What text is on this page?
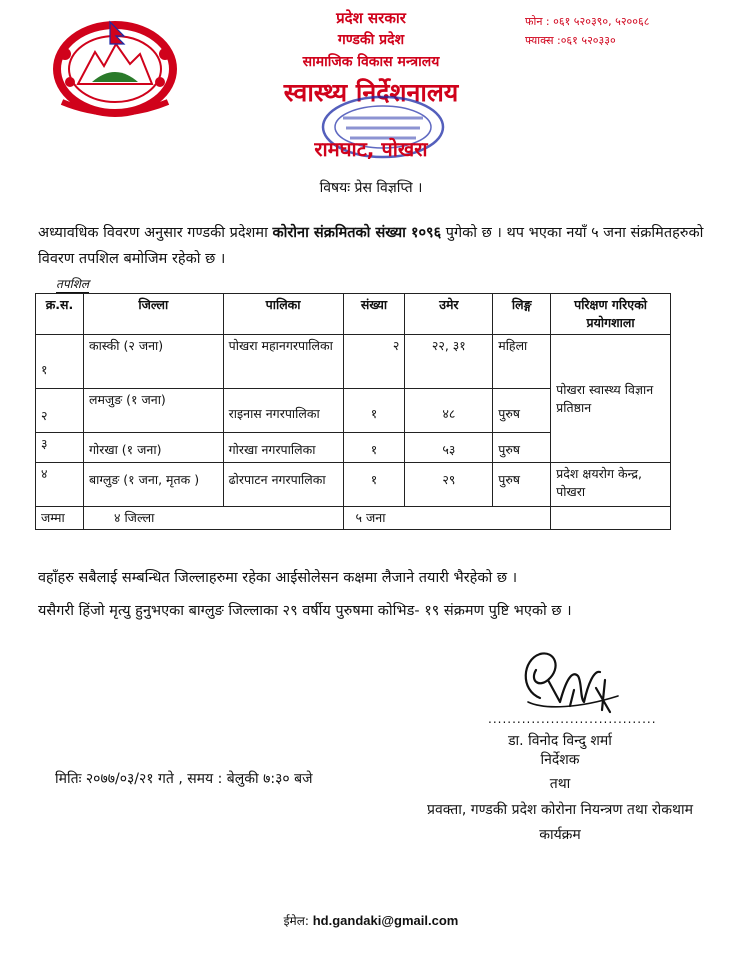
प्रदेश सरकार
गण्डकी प्रदेश
सामाजिक विकास मन्त्रालय
स्वास्थ्य निर्देशनालय
रामघाट, पोखरा
फोन : ०६१ ५२०३९०, ५२००६८
फ्याक्स :०६१ ५२०३३०
विषयः प्रेस विज्ञप्ति ।
अध्यावधिक विवरण अनुसार गण्डकी प्रदेशमा कोरोना संक्रमितको संख्या १०९६ पुगेको छ । थप भएका नयाँ ५ जना संक्रमितहरुको विवरण तपशिल बमोजिम रहेको छ ।
तपशिल
क्र.स.	जिल्ला	पालिका	संख्या	उमेर	लिङ्ग	परिक्षण गरिएको प्रयोगशाला
१	कास्की (२ जना)	पोखरा महानगरपालिका	२	२२, ३१	महिला	पोखरा स्वास्थ्य विज्ञान प्रतिष्ठान
२	लमजुङ (१ जना)	राइनास नगरपालिका	१	४८	पुरुष	
३	गोरखा (१ जना)	गोरखा नगरपालिका	१	५३	पुरुष	
४	बाग्लुङ (१ जना, मृतक )	ढोरपाटन नगरपालिका	१	२९	पुरुष	प्रदेश क्षयरोग केन्द्र, पोखरा
जम्मा	४ जिल्ला		५ जना			
वहाँहरु सबैलाई सम्बन्धित जिल्लाहरुमा रहेका आईसोलेसन कक्षमा लैजाने तयारी भैरहेको छ ।
यसैगरी हिंजो मृत्यु हुनुभएका बाग्लुङ जिल्लाका २९ वर्षीय पुरुषमा कोभिड- १९ संक्रमण पुष्टि भएको छ ।
...................................
डा. विनोद विन्दु शर्मा
निर्देशक
तथा
प्रवक्ता, गण्डकी प्रदेश कोरोना नियन्त्रण तथा रोकथाम
कार्यक्रम
मितिः २०७७/०३/२१ गते , समय : बेलुकी ७:३० बजे
ईमेल: hd.gandaki@gmail.com
